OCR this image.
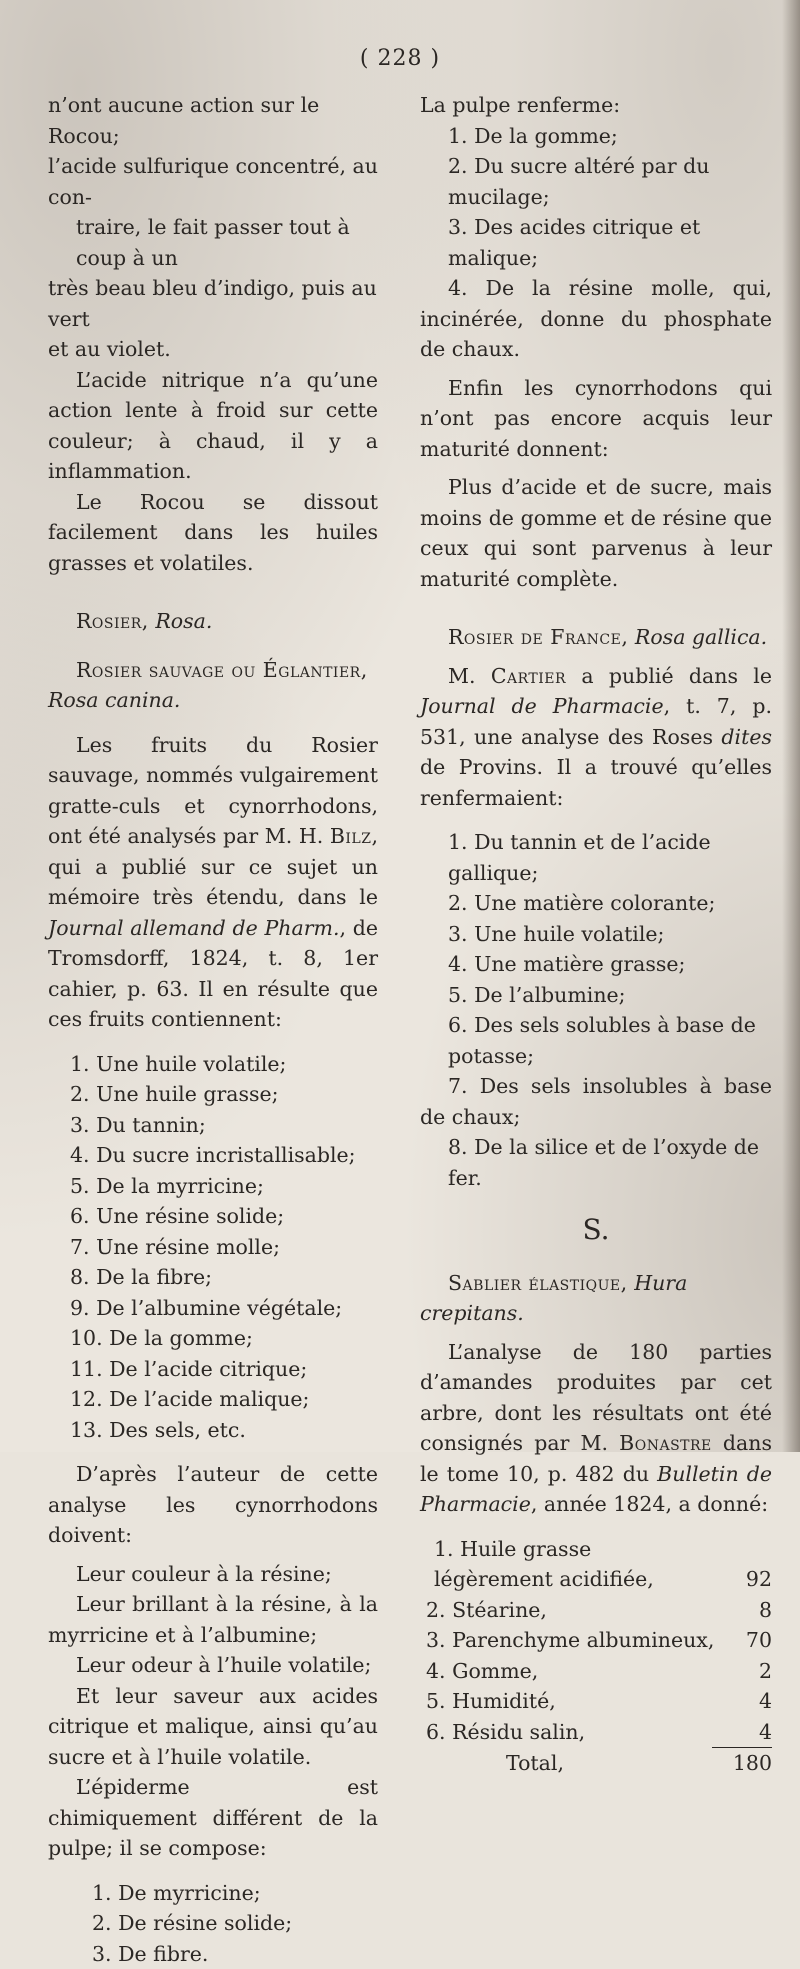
( 228 )
n’ont aucune action sur le Rocou;
l’acide sulfurique concentré, au con-
traire, le fait passer tout à coup à un
très beau bleu d’indigo, puis au vert
et au violet.

L’acide nitrique n’a qu’une action lente à froid sur cette couleur; à chaud, il y a inflammation.

Le Rocou se dissout facilement dans les huiles grasses et volatiles.

Rosier, Rosa.

Rosier sauvage ou Églantier, Rosa canina.

Les fruits du Rosier sauvage, nommés vulgairement gratte-culs et cynorrhodons, ont été analysés par M. H. Bilz, qui a publié sur ce sujet un mémoire très étendu, dans le Journal allemand de Pharm., de Tromsdorff, 1824, t. 8, 1er cahier, p. 63. Il en résulte que ces fruits contiennent:

1. Une huile volatile;
2. Une huile grasse;
3. Du tannin;
4. Du sucre incristallisable;
5. De la myrricine;
6. Une résine solide;
7. Une résine molle;
8. De la fibre;
9. De l’albumine végétale;
10. De la gomme;
11. De l’acide citrique;
12. De l’acide malique;
13. Des sels, etc.

D’après l’auteur de cette analyse les cynorrhodons doivent:

Leur couleur à la résine;

Leur brillant à la résine, à la myrricine et à l’albumine;

Leur odeur à l’huile volatile;

Et leur saveur aux acides citrique et malique, ainsi qu’au sucre et à l’huile volatile.

L’épiderme est chimiquement différent de la pulpe; il se compose:

1. De myrricine;
2. De résine solide;
3. De fibre.

La pulpe renferme:

1. De la gomme;
2. Du sucre altéré par du mucilage;
3. Des acides citrique et malique;

4. De la résine molle, qui, incinérée, donne du phosphate de chaux.

Enfin les cynorrhodons qui n’ont pas encore acquis leur maturité donnent:

Plus d’acide et de sucre, mais moins de gomme et de résine que ceux qui sont parvenus à leur maturité complète.

Rosier de France, Rosa gallica.

M. Cartier a publié dans le Journal de Pharmacie, t. 7, p. 531, une analyse des Roses dites de Provins. Il a trouvé qu’elles renfermaient:

1. Du tannin et de l’acide gallique;
2. Une matière colorante;
3. Une huile volatile;
4. Une matière grasse;
5. De l’albumine;
6. Des sels solubles à base de potasse;

7. Des sels insolubles à base de chaux;

8. De la silice et de l’oxyde de fer.

S.

Sablier élastique, Hura crepitans.

L’analyse de 180 parties d’amandes produites par cet arbre, dont les résultats ont été consignés par M. Bonastre dans le tome 10, p. 482 du Bulletin de Pharmacie, année 1824, a donné:

1. Huile grasse légèrement acidifiée,	92
2. Stéarine,	8
3. Parenchyme albumineux,	70
4. Gomme,	2
5. Humidité,	4
6. Résidu salin,	4
Total,	180
